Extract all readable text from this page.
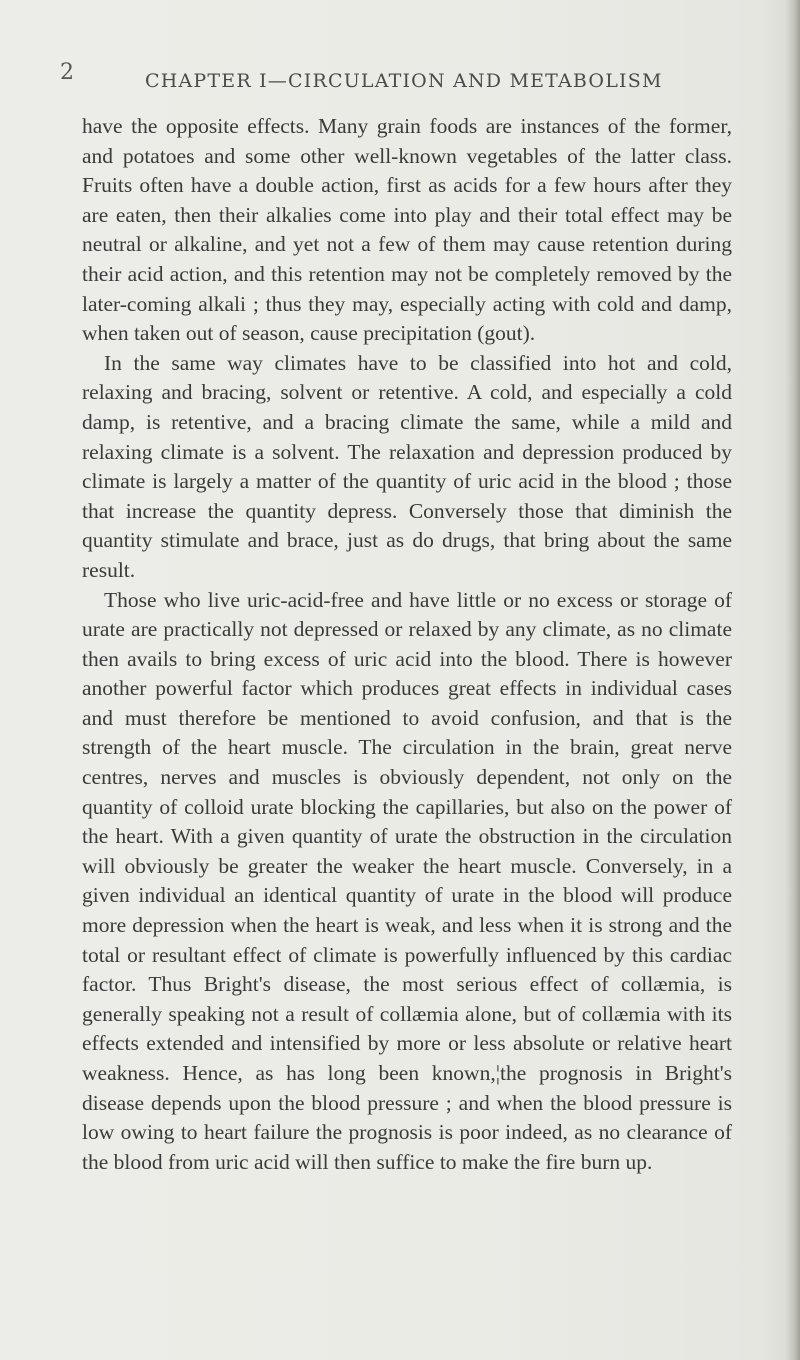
2	CHAPTER I—CIRCULATION AND METABOLISM

have the opposite effects. Many grain foods are instances of the former, and potatoes and some other well-known vegetables of the latter class. Fruits often have a double action, first as acids for a few hours after they are eaten, then their alkalies come into play and their total effect may be neutral or alkaline, and yet not a few of them may cause retention during their acid action, and this retention may not be completely removed by the later-coming alkali ; thus they may, especially acting with cold and damp, when taken out of season, cause precipitation (gout).

In the same way climates have to be classified into hot and cold, relaxing and bracing, solvent or retentive. A cold, and especially a cold damp, is retentive, and a bracing climate the same, while a mild and relaxing climate is a solvent. The relaxation and depression produced by climate is largely a matter of the quantity of uric acid in the blood ; those that increase the quantity depress. Conversely those that diminish the quantity stimulate and brace, just as do drugs, that bring about the same result.

Those who live uric-acid-free and have little or no excess or storage of urate are practically not depressed or relaxed by any climate, as no climate then avails to bring excess of uric acid into the blood. There is however another powerful factor which produces great effects in individual cases and must therefore be mentioned to avoid confusion, and that is the strength of the heart muscle. The circulation in the brain, great nerve centres, nerves and muscles is obviously dependent, not only on the quantity of colloid urate blocking the capillaries, but also on the power of the heart. With a given quantity of urate the obstruction in the circulation will obviously be greater the weaker the heart muscle. Conversely, in a given individual an identical quantity of urate in the blood will produce more depression when the heart is weak, and less when it is strong and the total or resultant effect of climate is powerfully influenced by this cardiac factor. Thus Bright's disease, the most serious effect of collæmia, is generally speaking not a result of collæmia alone, but of collæmia with its effects extended and intensified by more or less absolute or relative heart weakness. Hence, as has long been known,¦the prognosis in Bright's disease depends upon the blood pressure ; and when the blood pressure is low owing to heart failure the prognosis is poor indeed, as no clearance of the blood from uric acid will then suffice to make the fire burn up.
